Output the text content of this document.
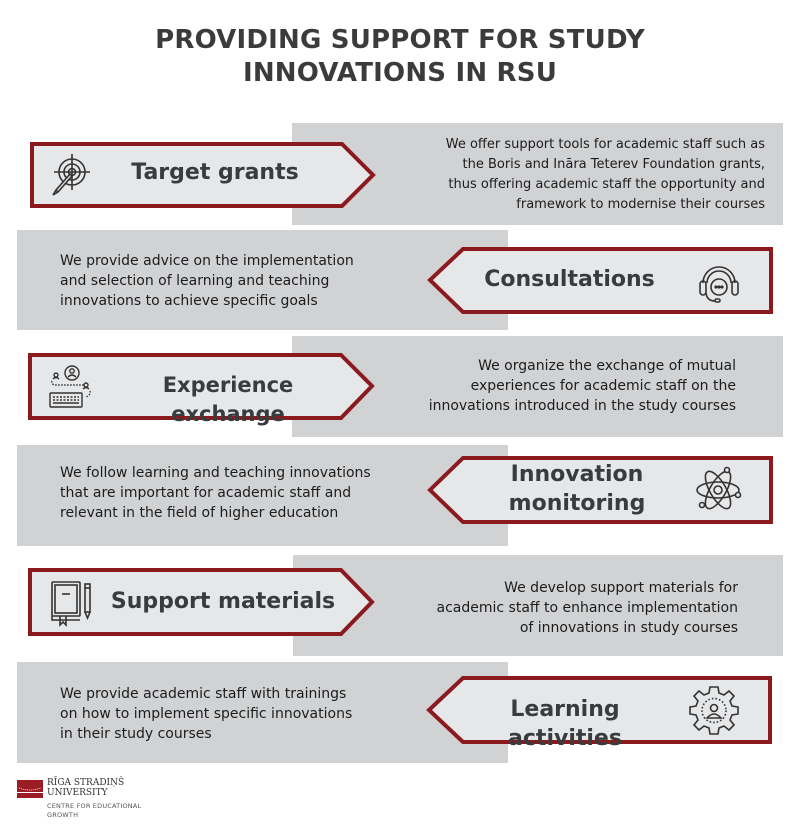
PROVIDING SUPPORT FOR STUDY
INNOVATIONS IN RSU
We offer support tools for academic staff such as
the Boris and Ināra Teterev Foundation grants,
thus offering academic staff the opportunity and
framework to modernise their courses
Target grants
We provide advice on the implementation
and selection of learning and teaching
innovations to achieve specific goals
Consultations
We organize the exchange of mutual
experiences for academic staff on the
innovations introduced in the study courses
Experience exchange
We follow learning and teaching innovations
that are important for academic staff and
relevant in the field of higher education
Innovation
monitoring
We develop support materials for
academic staff to enhance implementation
of innovations in study courses
Support materials
We provide academic staff with trainings
on how to implement specific innovations
in their study courses
Learning activities
RĪGA STRADIŅŠ
UNIVERSITY
CENTRE FOR EDUCATIONAL
GROWTH
